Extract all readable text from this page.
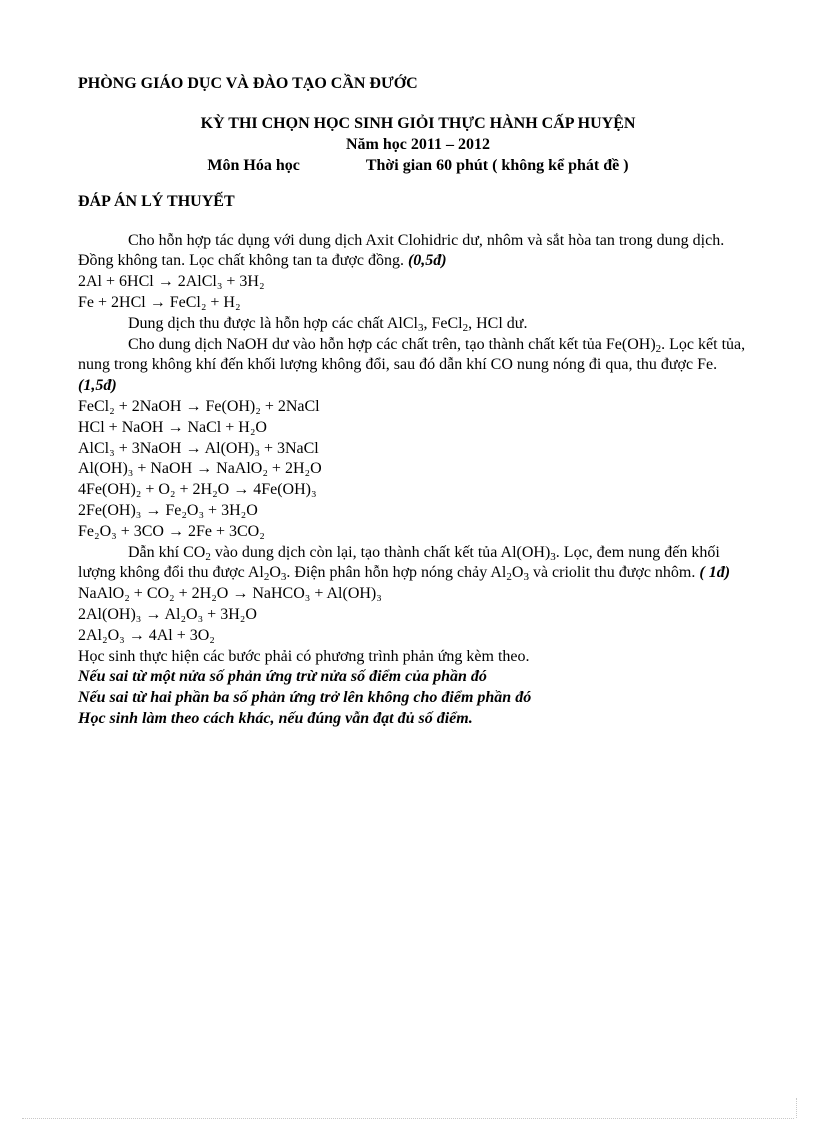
PHÒNG GIÁO DỤC VÀ ĐÀO TẠO CẦN ĐƯỚC
KỲ THI CHỌN HỌC SINH GIỎI THỰC HÀNH CẤP HUYỆN
Năm học 2011 – 2012
Môn Hóa học	Thời gian 60 phút ( không kể phát đề )
ĐÁP ÁN LÝ THUYẾT

Cho hỗn hợp tác dụng với dung dịch Axit Clohidric dư, nhôm và sắt hòa tan trong dung dịch. Đồng không tan. Lọc chất không tan ta được đồng. (0,5đ)

2Al + 6HCl → 2AlCl₃ + 3H₂
Fe + 2HCl → FeCl₂ + H₂

Dung dịch thu được là hỗn hợp các chất AlCl$_3$, FeCl$_2$, HCl dư.

Cho dung dịch NaOH dư vào hỗn hợp các chất trên, tạo thành chất kết tủa $Fe(OH)_2$. Lọc kết tủa, nung trong không khí đến khối lượng không đổi, sau đó dẫn khí CO nung nóng đi qua, thu được Fe. (1,5đ)

FeCl₂ + 2NaOH → Fe(OH)₂ + 2NaCl
HCl + NaOH → NaCl + H₂O
AlCl₃ + 3NaOH → Al(OH)₃ + 3NaCl
Al(OH)₃ + NaOH → NaAlO₂ + 2H₂O
4Fe(OH)₂ + O₂ + 2H₂O → 4Fe(OH)₃
2Fe(OH)₃ → Fe₂O₃ + 3H₂O
Fe₂O₃ + 3CO → 2Fe + 3CO₂

Dẫn khí $CO_2$ vào dung dịch còn lại, tạo thành chất kết tủa $Al(OH)_3$. Lọc, đem nung đến khối lượng không đổi thu được $Al_2O_3$. Điện phân hỗn hợp nóng chảy $Al_2O_3$ và criolit thu được nhôm. ( 1đ)

NaAlO₂ + CO₂ + 2H₂O → NaHCO₃ + Al(OH)₃
2Al(OH)₃ → Al₂O₃ + 3H₂O
2Al₂O₃ → 4Al + 3O₂

Học sinh thực hiện các bước phải có phương trình phản ứng kèm theo.

Nếu sai từ một nửa số phản ứng trừ nửa số điểm của phần đó
Nếu sai từ hai phần ba số phản ứng trở lên không cho điểm phần đó
Học sinh làm theo cách khác, nếu đúng vẫn đạt đủ số điểm.
